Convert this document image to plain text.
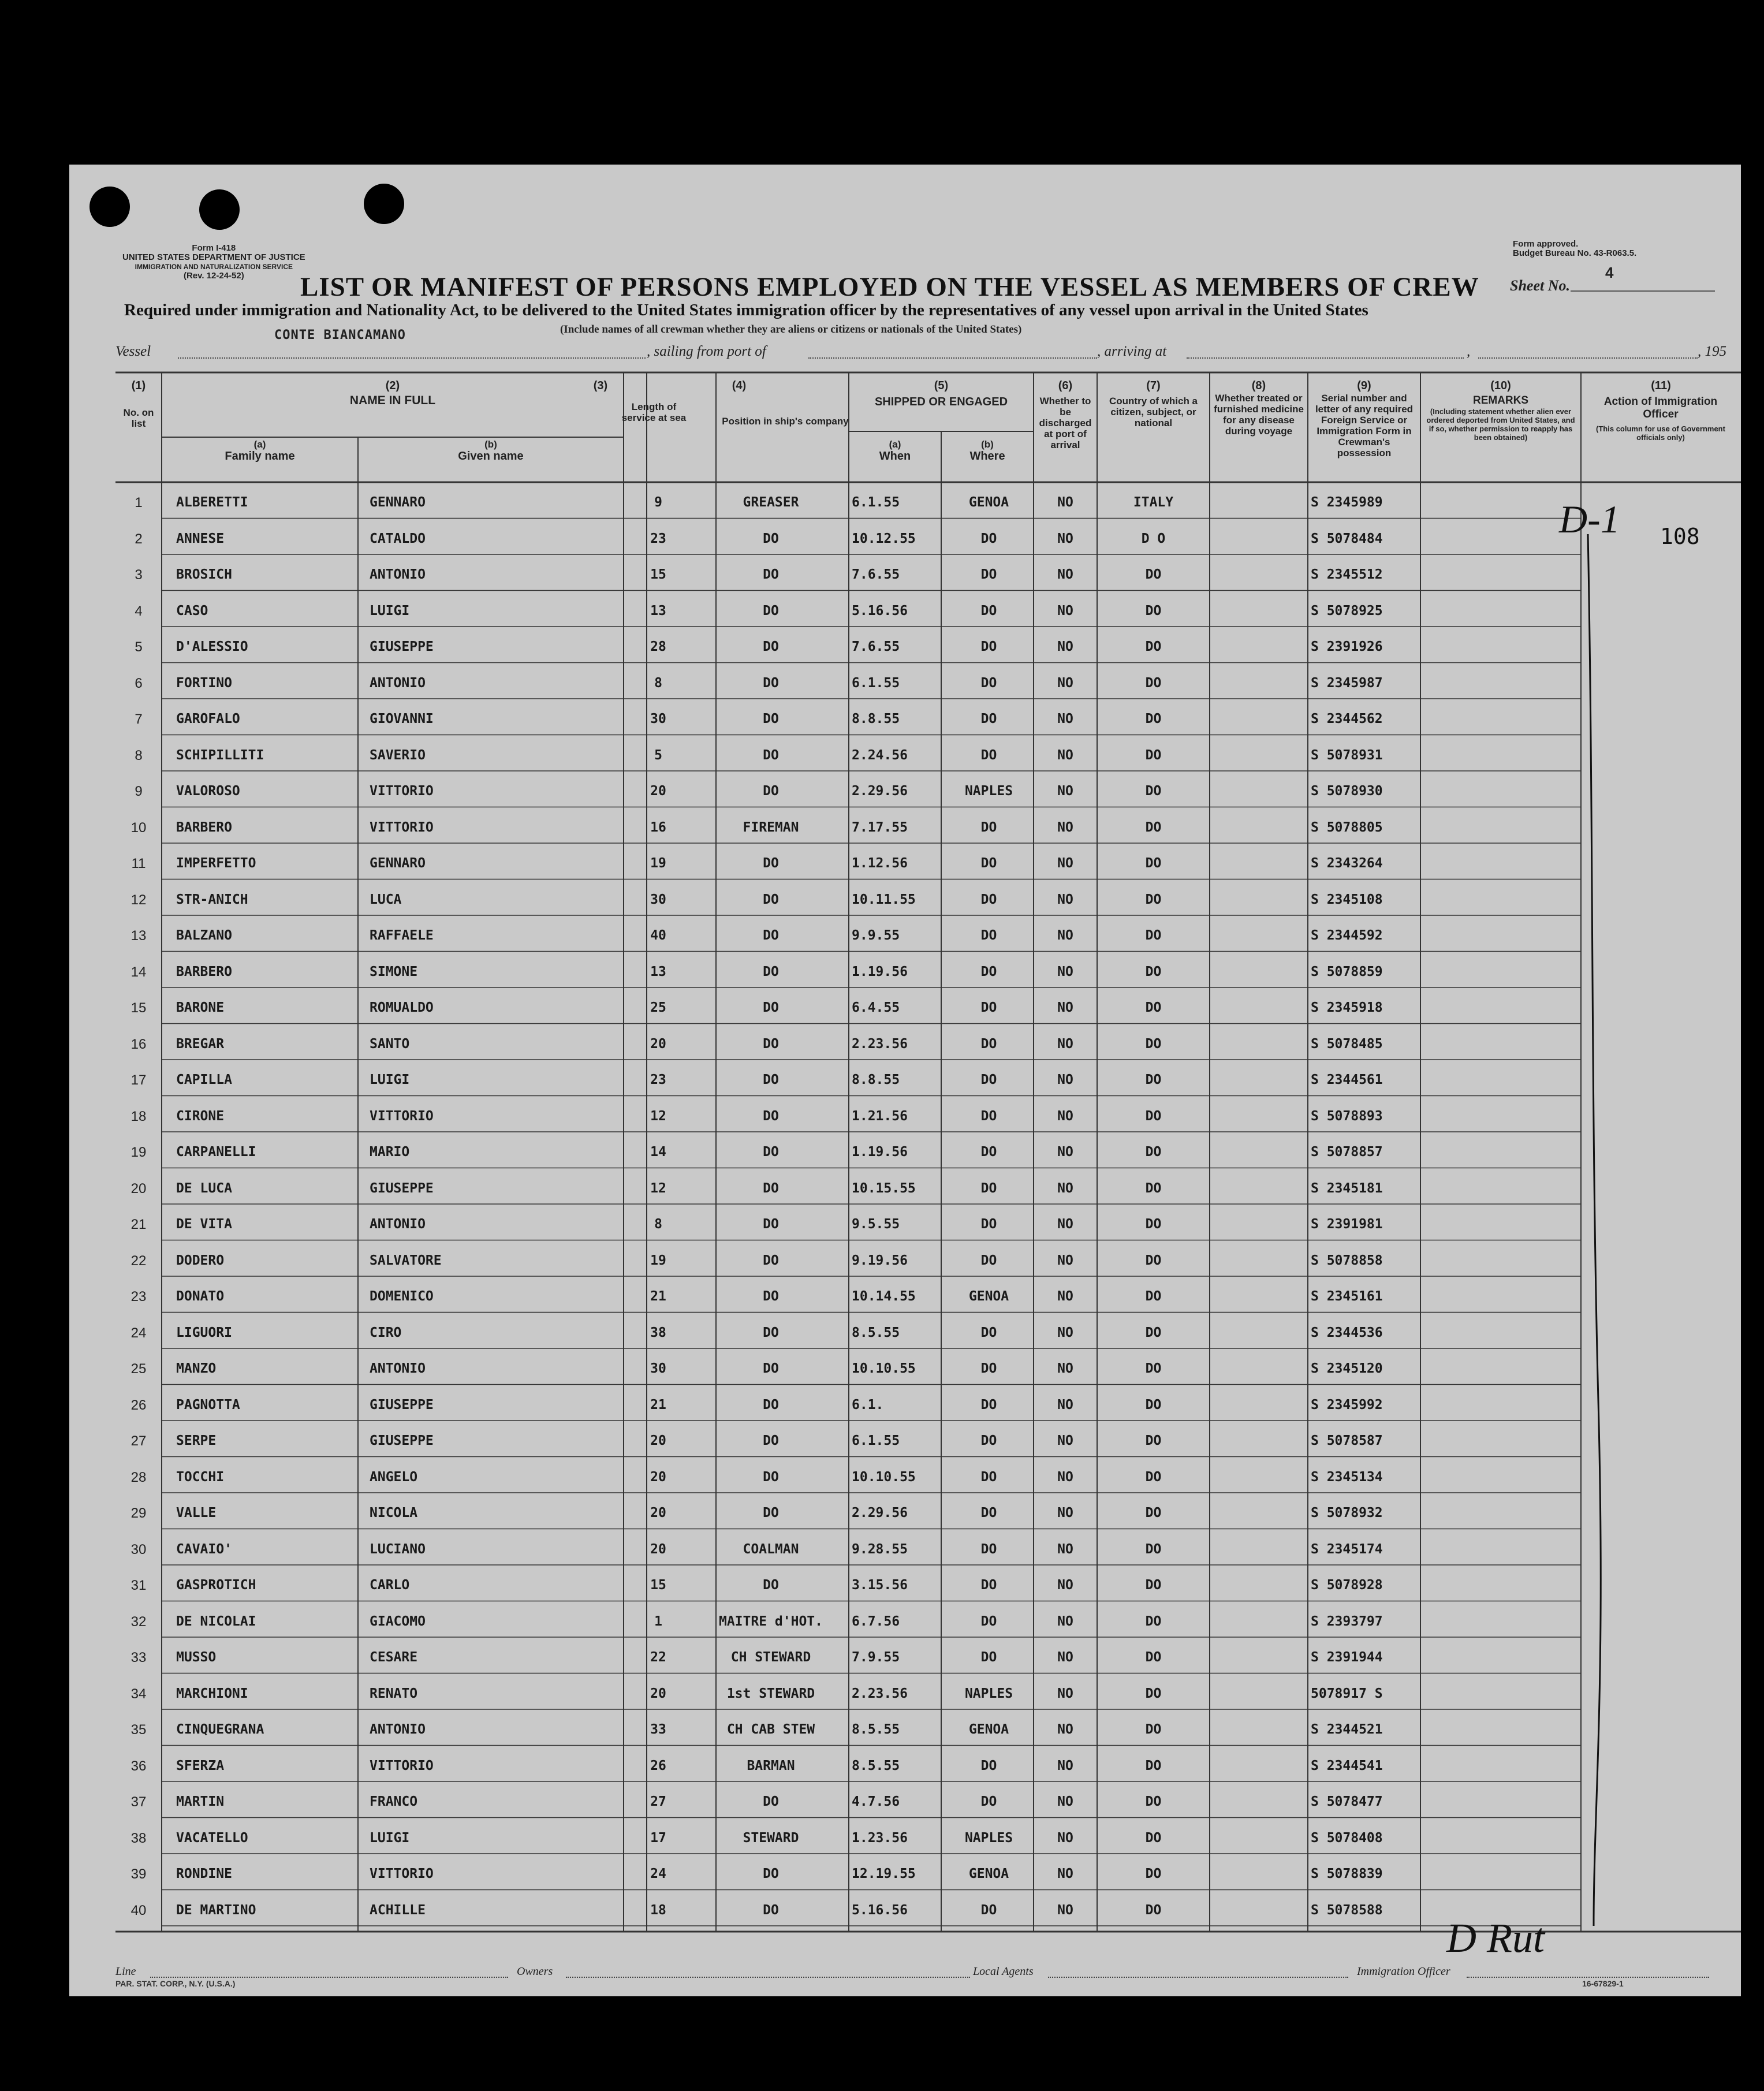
Form I-418
UNITED STATES DEPARTMENT OF JUSTICE
IMMIGRATION AND NATURALIZATION SERVICE
(Rev. 12-24-52)
Form approved.
Budget Bureau No. 43-R063.5.
LIST OR MANIFEST OF PERSONS EMPLOYED ON THE VESSEL AS MEMBERS OF CREW Sheet No.
4
Required under immigration and Nationality Act, to be delivered to the United States immigration officer by the representatives of any vessel upon arrival in the United States
(Include names of all crewman whether they are aliens or citizens or nationals of the United States)
CONTE BIANCAMANO
Vessel	, sailing from port of	, arriving at	,	, 195
(1)
No. on list
(2)
NAME IN FULL
(a)
Family name
(b)
Given name
(3)
Length of service at sea
(4)
Position in ship's company
(5)
SHIPPED OR ENGAGED
(a)
When
(b)
Where
(6)
Whether to be discharged at port of arrival
(7)
Country of which a citizen, subject, or national
(8)
Whether treated or furnished medicine for any disease during voyage
(9)
Serial number and letter of any required Foreign Service or Immigration Form in Crewman's possession
(10)
REMARKS
(Including statement whether alien ever ordered deported from United States, and if so, whether permission to reapply has been obtained)
(11)
Action of Immigration Officer
(This column for use of Government officials only)
1	ALBERETTI	GENNARO	9	GREASER	6.1.55	GENOA	NO	ITALY	S 2345989
2	ANNESE	CATALDO	23	DO	10.12.55	DO	NO	D O	S 5078484
3	BROSICH	ANTONIO	15	DO	7.6.55	DO	NO	DO	S 2345512
4	CASO	LUIGI	13	DO	5.16.56	DO	NO	DO	S 5078925
5	D'ALESSIO	GIUSEPPE	28	DO	7.6.55	DO	NO	DO	S 2391926
6	FORTINO	ANTONIO	8	DO	6.1.55	DO	NO	DO	S 2345987
7	GAROFALO	GIOVANNI	30	DO	8.8.55	DO	NO	DO	S 2344562
8	SCHIPILLITI	SAVERIO	5	DO	2.24.56	DO	NO	DO	S 5078931
9	VALOROSO	VITTORIO	20	DO	2.29.56	NAPLES	NO	DO	S 5078930
10 BARBERO	VITTORIO	16	FIREMAN	7.17.55	DO	NO	DO	S 5078805
11	IMPERFETTO	GENNARO	19	DO	1.12.56	DO	NO	DO	S 2343264
12 STR-ANICH	LUCA	30	DO	10.11.55	DO	NO	DO	S 2345108
13 BALZANO	RAFFAELE	40	DO	9.9.55	DO	NO	DO	S 2344592
14 BARBERO	SIMONE	13	DO	1.19.56	DO	NO	DO	S 5078859
15 BARONE	ROMUALDO	25	DO	6.4.55	DO	NO	DO	S 2345918
16 BREGAR	SANTO	20	DO	2.23.56	DO	NO	DO	S 5078485
17 CAPILLA	LUIGI	23	DO	8.8.55	DO	NO	DO	S 2344561
18 CIRONE	VITTORIO	12	DO	1.21.56	DO	NO	DO	S 5078893
19 CARPANELLI	MARIO	14	DO	1.19.56	DO	NO	DO	S 5078857
20 DE LUCA	GIUSEPPE	12	DO	10.15.55	DO	NO	DO	S 2345181
21 DE VITA	ANTONIO	8	DO	9.5.55	DO	NO	DO	S 2391981
22 DODERO	SALVATORE	19	DO	9.19.56	DO	NO	DO	S 5078858
23 DONATO	DOMENICO	21	DO	10.14.55	GENOA	NO	DO	S 2345161
24 LIGUORI	CIRO	38	DO	8.5.55	DO	NO	DO	S 2344536
25 MANZO	ANTONIO	30	DO	10.10.55	DO	NO	DO	S 2345120
26 PAGNOTTA	GIUSEPPE	21	DO	6.1.	DO	NO	DO	S 2345992
27 SERPE	GIUSEPPE	20	DO	6.1.55	DO	NO	DO	S 5078587
28 TOCCHI	ANGELO	20	DO	10.10.55	DO	NO	DO	S 2345134
29 VALLE	NICOLA	20	DO	2.29.56	DO	NO	DO	S 5078932
30 CAVAIO'	LUCIANO	20	COALMAN	9.28.55	DO	NO	DO	S 2345174
31 GASPROTICH	CARLO	15	DO	3.15.56	DO	NO	DO	S 5078928
32 DE NICOLAI	GIACOMO	1	MAITRE d'HOT.	6.7.56	DO	NO	DO	S 2393797
33 MUSSO	CESARE	22	CH STEWARD	7.9.55	DO	NO	DO	S 2391944
34 MARCHIONI	RENATO	20	1st STEWARD	2.23.56	NAPLES	NO	DO	5078917 S
35 CINQUEGRANA	ANTONIO	33	CH CAB STEW	8.5.55	GENOA	NO	DO	S 2344521
36 SFERZA	VITTORIO	26	BARMAN	8.5.55	DO	NO	DO	S 2344541
37 MARTIN	FRANCO	27	DO	4.7.56	DO	NO	DO	S 5078477
38 VACATELLO	LUIGI	17	STEWARD	1.23.56	NAPLES	NO	DO	S 5078408
39 RONDINE	VITTORIO	24	DO	12.19.55	GENOA	NO	DO	S 5078839
40 DE MARTINO	ACHILLE	18	DO	5.16.56	DO	NO	DO	S 5078588
D-1 108
D Rut
Line	Owners	Local Agents	Immigration Officer
PAR. STAT. CORP., N.Y. (U.S.A.)	16-67829-1
